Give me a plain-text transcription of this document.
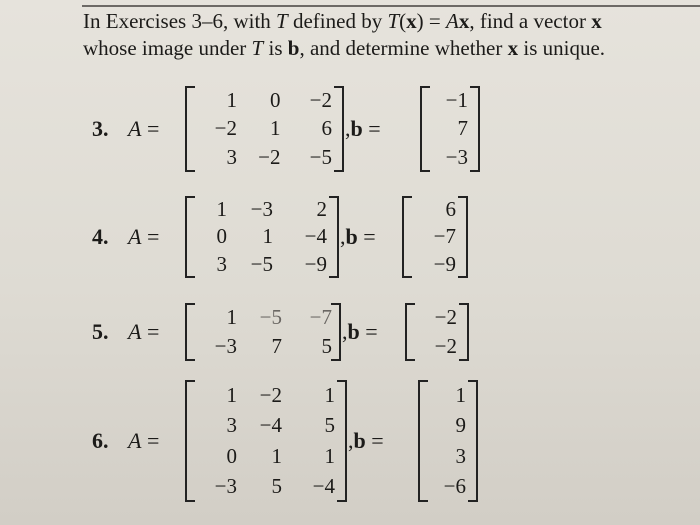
In Exercises 3–6, with T defined by T(x) = Ax, find a vector x
whose image under T is b, and determine whether x is unique.
3. A =
1	0	−2
−2	1	6
3	−2	−5
,b =
−1
7
−3
4. A =
1	−3	2
0	1	−4
3	−5	−9
,b =
6
−7
−9
5. A =
1	−5	−7
−3	7	5
,b =
−2
−2
6. A =
1	−2	1
3	−4	5
0	1	1
−3	5	−4
,b =
1
9
3
−6
